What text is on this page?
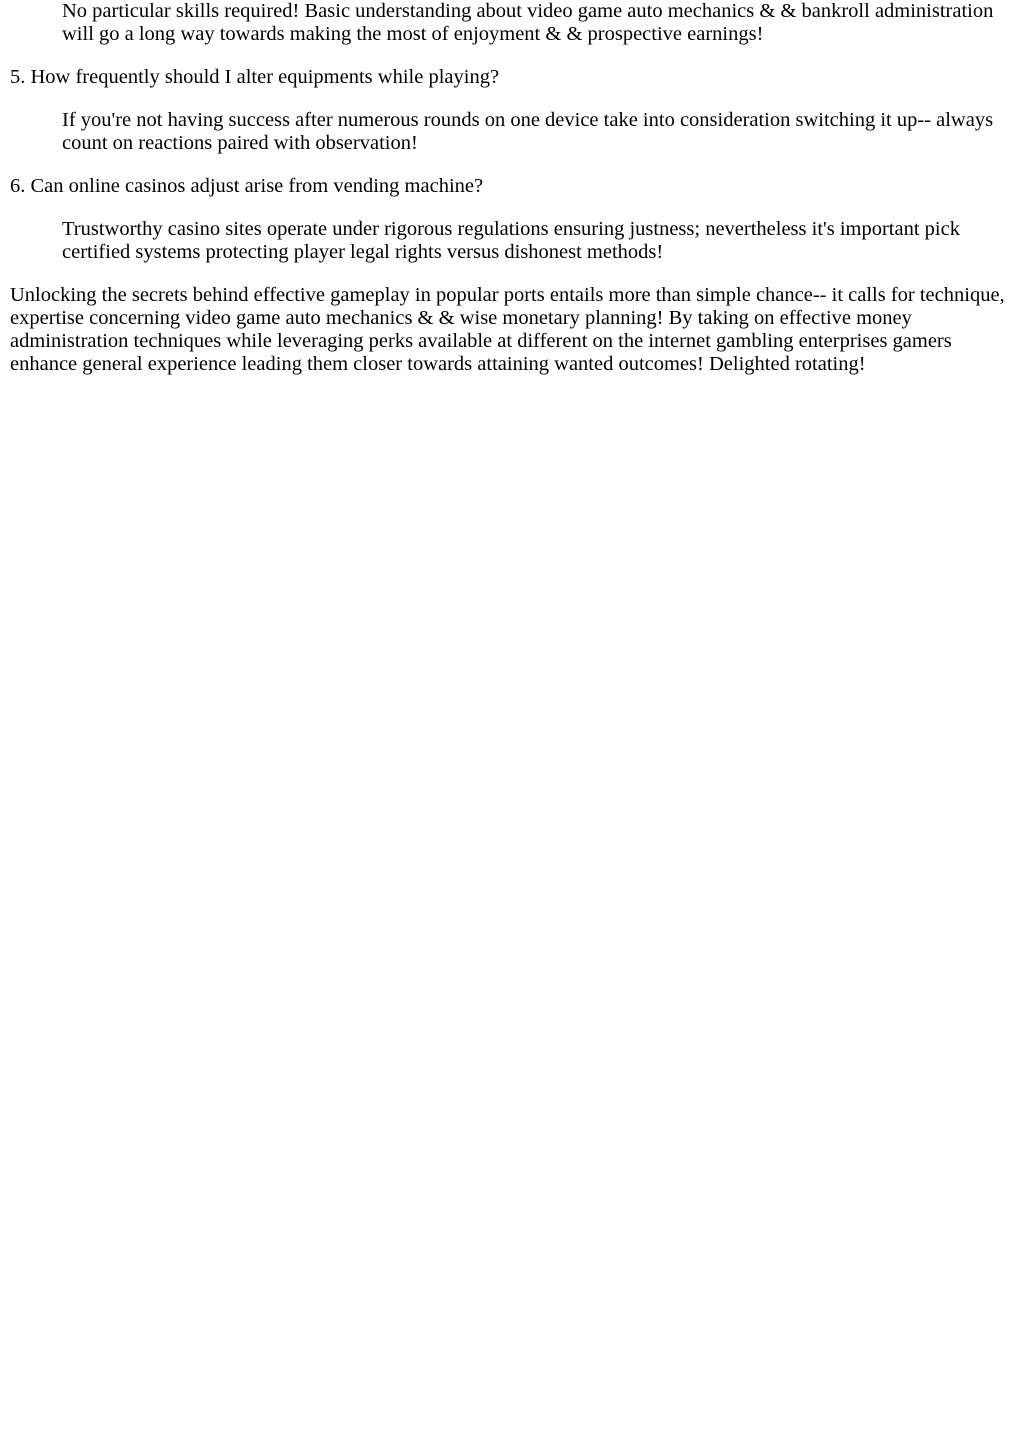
No particular skills required! Basic understanding about video game auto mechanics & & bankroll administration will go a long way towards making the most of enjoyment & & prospective earnings!

5. How frequently should I alter equipments while playing?

If you're not having success after numerous rounds on one device take into consideration switching it up-- always count on reactions paired with observation!

6. Can online casinos adjust arise from vending machine?

Trustworthy casino sites operate under rigorous regulations ensuring justness; nevertheless it's important pick certified systems protecting player legal rights versus dishonest methods!

Unlocking the secrets behind effective gameplay in popular ports entails more than simple chance-- it calls for technique, expertise concerning video game auto mechanics & & wise monetary planning! By taking on effective money administration techniques while leveraging perks available at different on the internet gambling enterprises gamers enhance general experience leading them closer towards attaining wanted outcomes! Delighted rotating!
